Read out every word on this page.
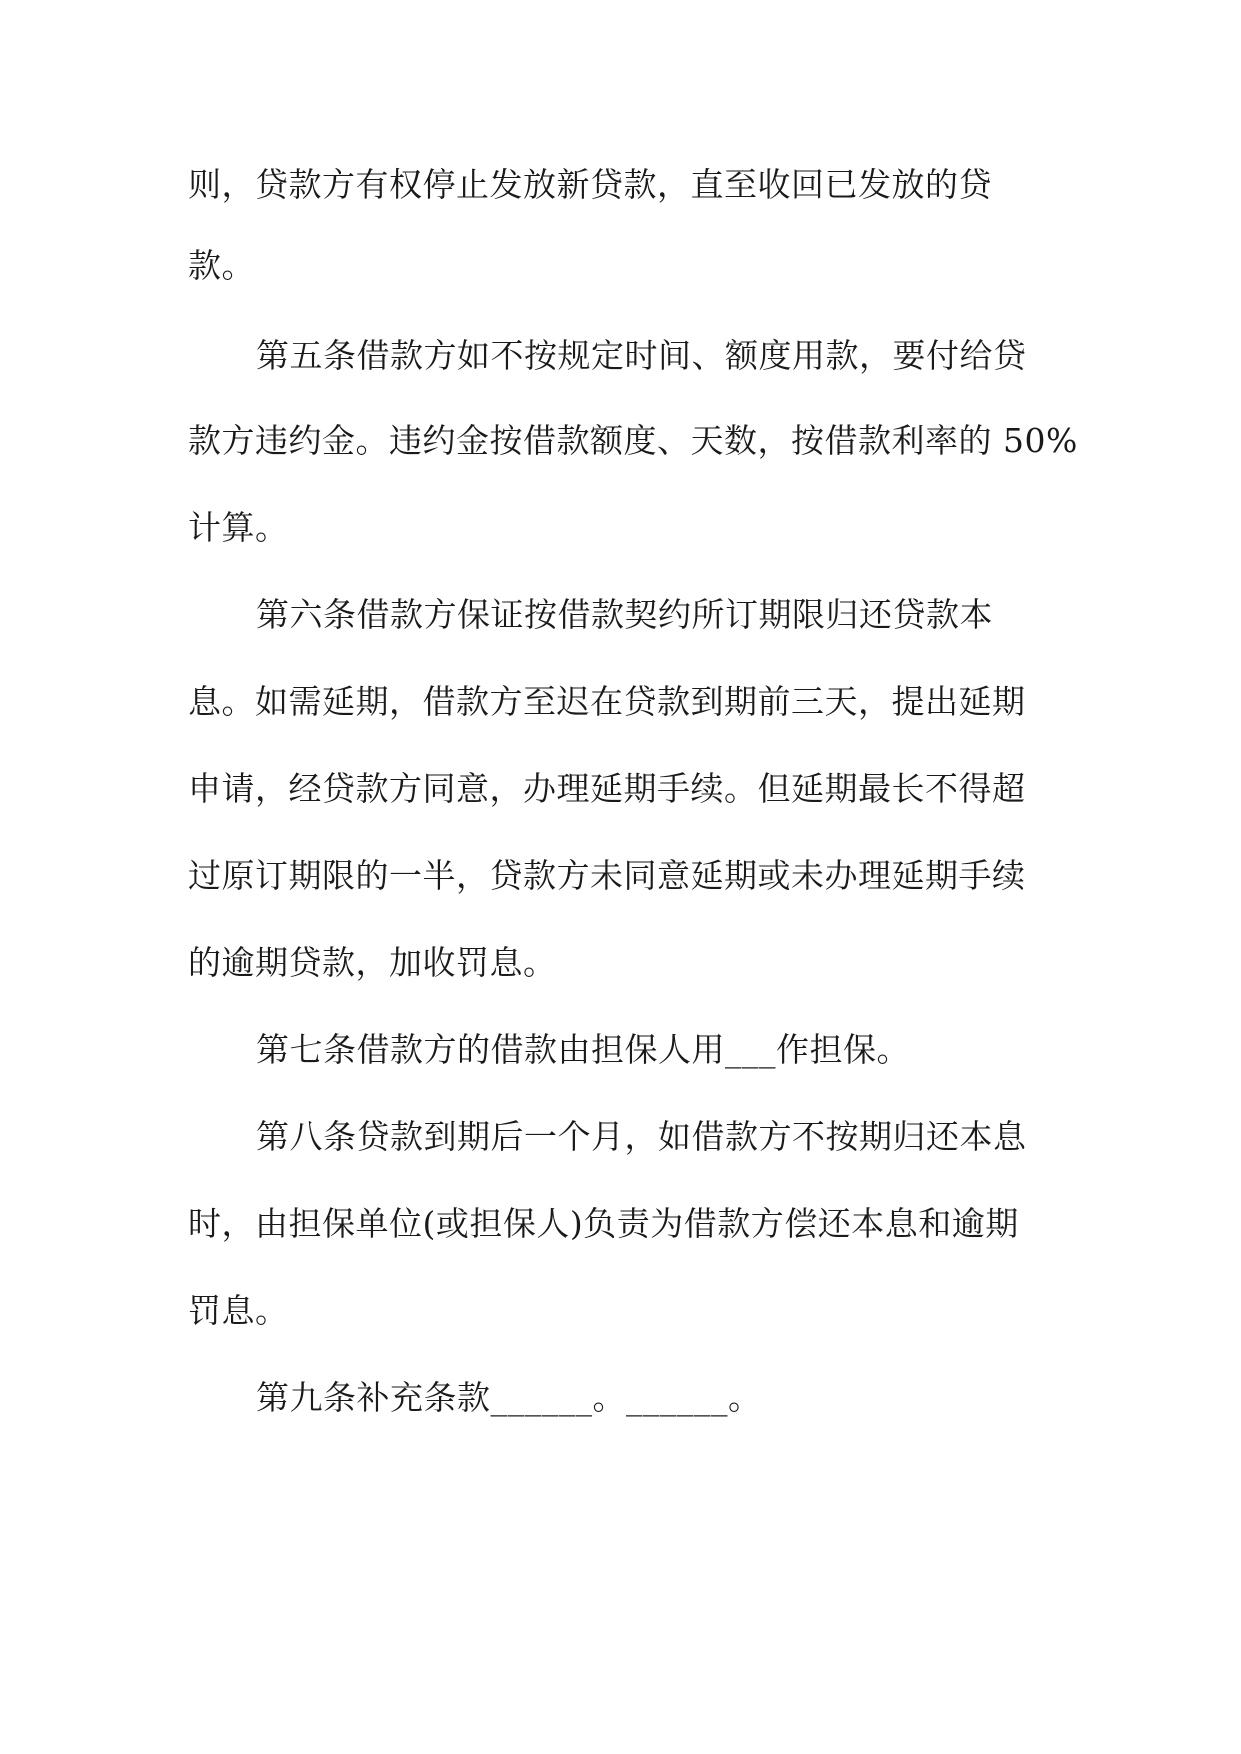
则，贷款方有权停止发放新贷款，直至收回已发放的贷
款。
第五条借款方如不按规定时间、额度用款，要付给贷
款方违约金。违约金按借款额度、天数，按借款利率的 50%
计算。
第六条借款方保证按借款契约所订期限归还贷款本
息。如需延期，借款方至迟在贷款到期前三天，提出延期
申请，经贷款方同意，办理延期手续。但延期最长不得超
过原订期限的一半，贷款方未同意延期或未办理延期手续
的逾期贷款，加收罚息。
第七条借款方的借款由担保人用___作担保。
第八条贷款到期后一个月，如借款方不按期归还本息
时，由担保单位(或担保人)负责为借款方偿还本息和逾期
罚息。
第九条补充条款______。______。
